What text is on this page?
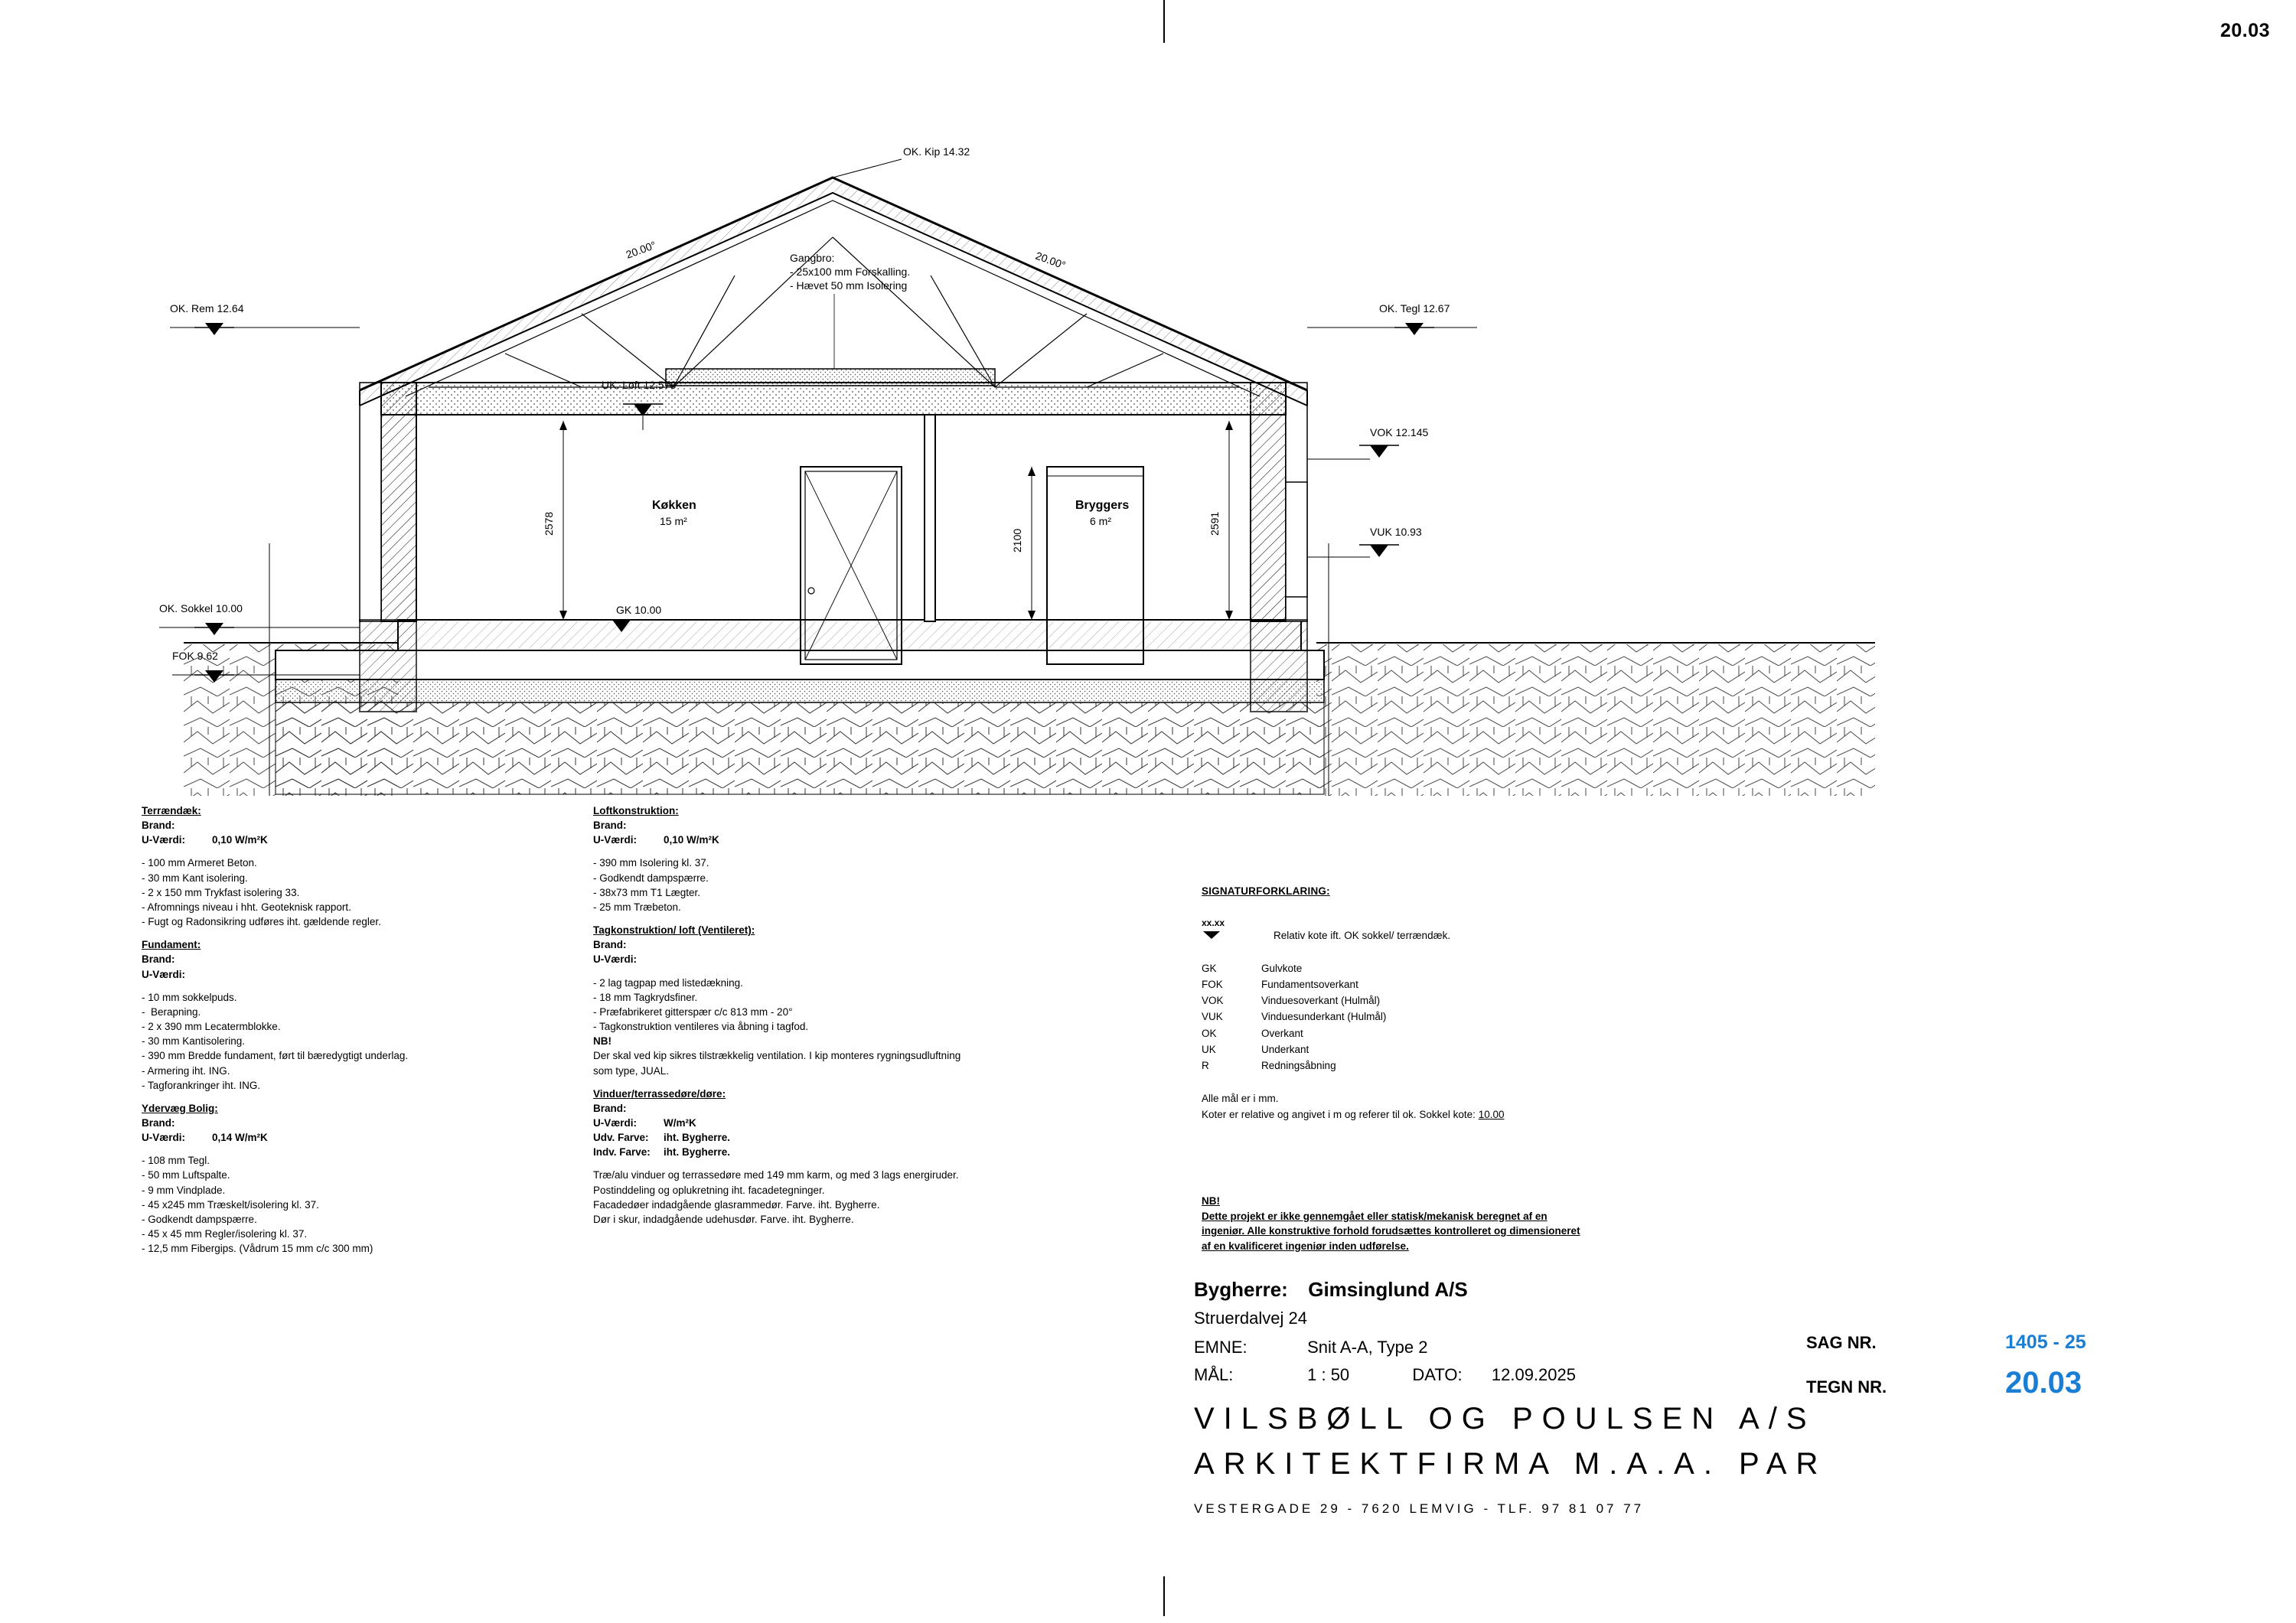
20.03
OK. Kip 14.32
20.00°	20.00°
Gangbro:
- 25x100 mm Forskalling.
- Hævet 50 mm Isolering
OK. Rem 12.64	OK. Tegl 12.67
UK. Loft 12.578
VOK 12.145
VUK 10.93
OK. Sokkel 10.00
FOK 9.62
GK 10.00
2578
2100
2591
Køkken
15 m²
Bryggers
6 m²
Terrændæk:
Brand:
U-Værdi:	0,10 W/m²K
- 100 mm Armeret Beton.
- 30 mm Kant isolering.
- 2 x 150 mm Trykfast isolering 33.
- Afromnings niveau i hht. Geoteknisk rapport.
- Fugt og Radonsikring udføres iht. gældende regler.
Fundament:
Brand:
U-Værdi:
- 10 mm sokkelpuds.
-  Berapning.
- 2 x 390 mm Lecatermblokke.
- 30 mm Kantisolering.
- 390 mm Bredde fundament, ført til bæredygtigt underlag.
- Armering iht. ING.
- Tagforankringer iht. ING.
Ydervæg Bolig:
Brand:
U-Værdi:	0,14 W/m²K
- 108 mm Tegl.
- 50 mm Luftspalte.
- 9 mm Vindplade.
- 45 x245 mm Træskelt/isolering kl. 37.
- Godkendt dampspærre.
- 45 x 45 mm Regler/isolering kl. 37.
- 12,5 mm Fibergips. (Vådrum 15 mm c/c 300 mm)
Loftkonstruktion:
Brand:
U-Værdi:	0,10 W/m²K
- 390 mm Isolering kl. 37.
- Godkendt dampspærre.
- 38x73 mm T1 Lægter.
- 25 mm Træbeton.
Tagkonstruktion/ loft (Ventileret):
Brand:
U-Værdi:
- 2 lag tagpap med listedækning.
- 18 mm Tagkrydsfiner.
- Præfabrikeret gitterspær c/c 813 mm - 20°
- Tagkonstruktion ventileres via åbning i tagfod.
NB!
Der skal ved kip sikres tilstrækkelig ventilation. I kip monteres rygningsudluftning
som type, JUAL.
Vinduer/terrassedøre/døre:
Brand:
U-Værdi:	W/m²K
Udv. Farve:	iht. Bygherre.
Indv. Farve:	iht. Bygherre.
Træ/alu vinduer og terrassedøre med 149 mm karm, og med 3 lags energiruder.
Postinddeling og oplukretning iht. facadetegninger.
Facadedøer indadgående glasrammedør. Farve. iht. Bygherre.
Dør i skur, indadgående udehusdør. Farve. iht. Bygherre.
SIGNATURFORKLARING:
xx.xx
Relativ kote ift. OK sokkel/ terrændæk.
GK	Gulvkote
FOK	Fundamentsoverkant
VOK	Vinduesoverkant (Hulmål)
VUK	Vinduesunderkant (Hulmål)
OK	Overkant
UK	Underkant
R	Redningsåbning
Alle mål er i mm.
Koter er relative og angivet i m og referer til ok. Sokkel kote: 10.00
NB!
Dette projekt er ikke gennemgået eller statisk/mekanisk beregnet af en
ingeniør. Alle konstruktive forhold forudsættes kontrolleret og dimensioneret
af en kvalificeret ingeniør inden udførelse.
Bygherre: Gimsinglund A/S
Struerdalvej 24
EMNE:	Snit A-A, Type 2
MÅL:	1 : 50	DATO: 12.09.2025
VILSBØLL OG POULSEN A/S
ARKITEKTFIRMA M.A.A. PAR
VESTERGADE 29 - 7620 LEMVIG - TLF. 97 81 07 77
SAG NR.	1405 - 25
TEGN NR.	20.03
